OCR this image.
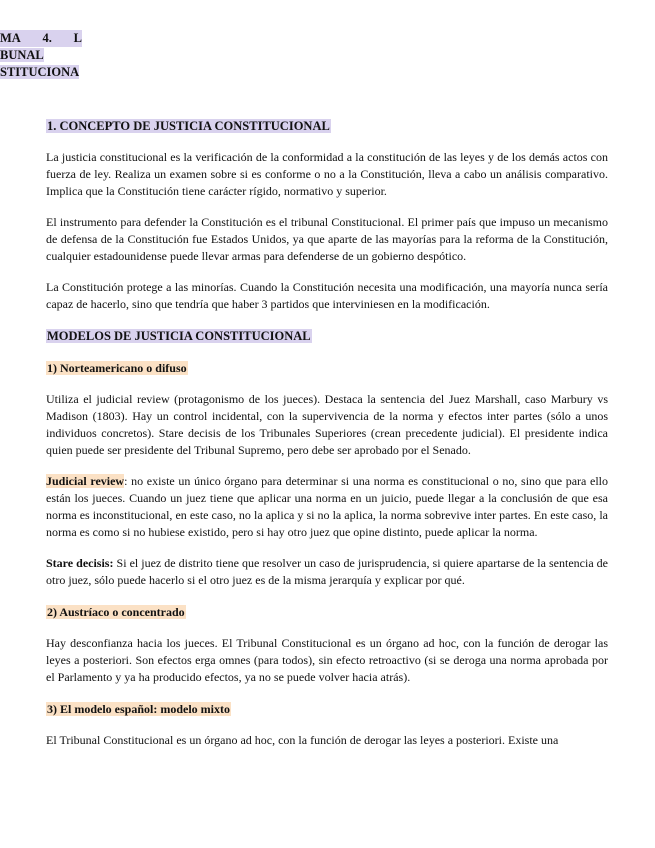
MA 4. L
BUNAL
STITUCIONA
1. CONCEPTO DE JUSTICIA CONSTITUCIONAL

La justicia constitucional es la verificación de la conformidad a la constitución de las leyes y de los demás actos con fuerza de ley. Realiza un examen sobre si es conforme o no a la Constitución, lleva a cabo un análisis comparativo. Implica que la Constitución tiene carácter rígido, normativo y superior.

El instrumento para defender la Constitución es el tribunal Constitucional. El primer país que impuso un mecanismo de defensa de la Constitución fue Estados Unidos, ya que aparte de las mayorías para la reforma de la Constitución, cualquier estadounidense puede llevar armas para defenderse de un gobierno despótico.

La Constitución protege a las minorías. Cuando la Constitución necesita una modificación, una mayoría nunca sería capaz de hacerlo, sino que tendría que haber 3 partidos que interviniesen en la modificación.

MODELOS DE JUSTICIA CONSTITUCIONAL
1) Norteamericano o difuso

Utiliza el judicial review (protagonismo de los jueces). Destaca la sentencia del Juez Marshall, caso Marbury vs Madison (1803). Hay un control incidental, con la supervivencia de la norma y efectos inter partes (sólo a unos individuos concretos). Stare decisis de los Tribunales Superiores (crean precedente judicial). El presidente indica quien puede ser presidente del Tribunal Supremo, pero debe ser aprobado por el Senado.

Judicial review: no existe un único órgano para determinar si una norma es constitucional o no, sino que para ello están los jueces. Cuando un juez tiene que aplicar una norma en un juicio, puede llegar a la conclusión de que esa norma es inconstitucional, en este caso, no la aplica y si no la aplica, la norma sobrevive inter partes. En este caso, la norma es como si no hubiese existido, pero si hay otro juez que opine distinto, puede aplicar la norma.

Stare decisis: Si el juez de distrito tiene que resolver un caso de jurisprudencia, si quiere apartarse de la sentencia de otro juez, sólo puede hacerlo si el otro juez es de la misma jerarquía y explicar por qué.

2) Austríaco o concentrado

Hay desconfianza hacia los jueces. El Tribunal Constitucional es un órgano ad hoc, con la función de derogar las leyes a posteriori. Son efectos erga omnes (para todos), sin efecto retroactivo (si se deroga una norma aprobada por el Parlamento y ya ha producido efectos, ya no se puede volver hacia atrás).

3) El modelo español: modelo mixto

El Tribunal Constitucional es un órgano ad hoc, con la función de derogar las leyes a posteriori. Existe una
